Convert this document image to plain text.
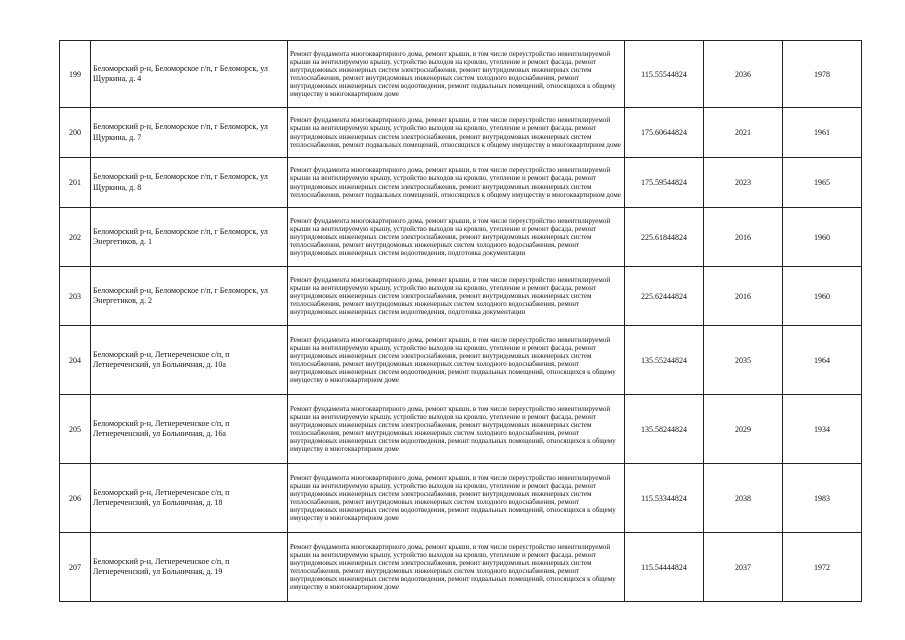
199	Беломорский р-н, Беломорское г/п, г Беломорск, ул Щуркина, д. 4	Ремонт фундамента многоквартирного дома, ремонт крыши, в том числе переустройство невентилируемой крыши на вентилируемую крышу, устройство выходов на кровлю, утепление и ремонт фасада, ремонт внутридомовых инженерных систем электроснабжения, ремонт внутридомовых инженерных систем теплоснабжения, ремонт внутридомовых инженерных систем холодного водоснабжения, ремонт внутридомовых инженерных систем водоотведения, ремонт подвальных помещений, относящихся к общему имуществу в многоквартирном доме	115.55544824	2036	1978
200	Беломорский р-н, Беломорское г/п, г Беломорск, ул Щуркина, д. 7	Ремонт фундамента многоквартирного дома, ремонт крыши, в том числе переустройство невентилируемой крыши на вентилируемую крышу, устройство выходов на кровлю, утепление и ремонт фасада, ремонт внутридомовых инженерных систем электроснабжения, ремонт внутридомовых инженерных систем теплоснабжения, ремонт подвальных помещений, относящихся к общему имуществу в многоквартирном доме	175.60644824	2021	1961
201	Беломорский р-н, Беломорское г/п, г Беломорск, ул Щуркина, д. 8	Ремонт фундамента многоквартирного дома, ремонт крыши, в том числе переустройство невентилируемой крыши на вентилируемую крышу, устройство выходов на кровлю, утепление и ремонт фасада, ремонт внутридомовых инженерных систем электроснабжения, ремонт внутридомовых инженерных систем теплоснабжения, ремонт подвальных помещений, относящихся к общему имуществу в многоквартирном доме	175.59544824	2023	1965
202	Беломорский р-н, Беломорское г/п, г Беломорск, ул Энергетиков, д. 1	Ремонт фундамента многоквартирного дома, ремонт крыши, в том числе переустройство невентилируемой крыши на вентилируемую крышу, устройство выходов на кровлю, утепление и ремонт фасада, ремонт внутридомовых инженерных систем электроснабжения, ремонт внутридомовых инженерных систем теплоснабжения, ремонт внутридомовых инженерных систем холодного водоснабжения, ремонт внутридомовых инженерных систем водоотведения, подготовка документации	225.61844824	2016	1960
203	Беломорский р-н, Беломорское г/п, г Беломорск, ул Энергетиков, д. 2	Ремонт фундамента многоквартирного дома, ремонт крыши, в том числе переустройство невентилируемой крыши на вентилируемую крышу, устройство выходов на кровлю, утепление и ремонт фасада, ремонт внутридомовых инженерных систем электроснабжения, ремонт внутридомовых инженерных систем теплоснабжения, ремонт внутридомовых инженерных систем холодного водоснабжения, ремонт внутридомовых инженерных систем водоотведения, подготовка документации	225.62444824	2016	1960
204	Беломорский р-н, Летнереченское с/п, п Летнереченский, ул Больничная, д. 10а	Ремонт фундамента многоквартирного дома, ремонт крыши, в том числе переустройство невентилируемой крыши на вентилируемую крышу, устройство выходов на кровлю, утепление и ремонт фасада, ремонт внутридомовых инженерных систем электроснабжения, ремонт внутридомовых инженерных систем теплоснабжения, ремонт внутридомовых инженерных систем холодного водоснабжения, ремонт внутридомовых инженерных систем водоотведения, ремонт подвальных помещений, относящихся к общему имуществу в многоквартирном доме	135.55244824	2035	1964
205	Беломорский р-н, Летнереченское с/п, п Летнереченский, ул Больничная, д. 16а	Ремонт фундамента многоквартирного дома, ремонт крыши, в том числе переустройство невентилируемой крыши на вентилируемую крышу, устройство выходов на кровлю, утепление и ремонт фасада, ремонт внутридомовых инженерных систем электроснабжения, ремонт внутридомовых инженерных систем теплоснабжения, ремонт внутридомовых инженерных систем холодного водоснабжения, ремонт внутридомовых инженерных систем водоотведения, ремонт подвальных помещений, относящихся к общему имуществу в многоквартирном доме	135.58244824	2029	1934
206	Беломорский р-н, Летнереченское с/п, п Летнереченский, ул Больничная, д. 18	Ремонт фундамента многоквартирного дома, ремонт крыши, в том числе переустройство невентилируемой крыши на вентилируемую крышу, устройство выходов на кровлю, утепление и ремонт фасада, ремонт внутридомовых инженерных систем электроснабжения, ремонт внутридомовых инженерных систем теплоснабжения, ремонт внутридомовых инженерных систем холодного водоснабжения, ремонт внутридомовых инженерных систем водоотведения, ремонт подвальных помещений, относящихся к общему имуществу в многоквартирном доме	115.53344824	2038	1983
207	Беломорский р-н, Летнереченское с/п, п Летнереченский, ул Больничная, д. 19	Ремонт фундамента многоквартирного дома, ремонт крыши, в том числе переустройство невентилируемой крыши на вентилируемую крышу, устройство выходов на кровлю, утепление и ремонт фасада, ремонт внутридомовых инженерных систем электроснабжения, ремонт внутридомовых инженерных систем теплоснабжения, ремонт внутридомовых инженерных систем холодного водоснабжения, ремонт внутридомовых инженерных систем водоотведения, ремонт подвальных помещений, относящихся к общему имуществу в многоквартирном доме	115.54444824	2037	1972
